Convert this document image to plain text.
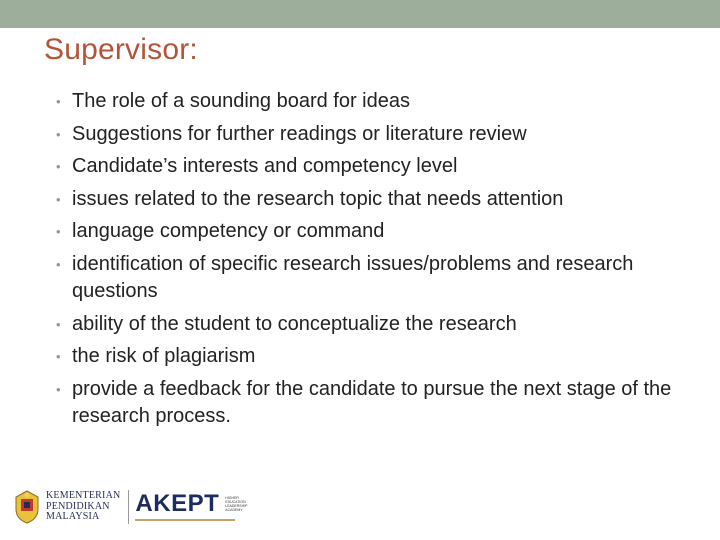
Supervisor:
• The role of a sounding board for ideas
• Suggestions for further readings or literature review
• Candidate’s interests and competency level
• issues related to the research topic that needs attention
• language competency or command
• identification of specific research issues/problems and research questions
• ability of the student to conceptualize the research
• the risk of plagiarism
• provide a feedback for the candidate to pursue the next stage of the research process.
KEMENTERIAN
PENDIDIKAN
MALAYSIA
AKEPT HIGHER
EDUCATION
LEADERSHIP
ACADEMY
